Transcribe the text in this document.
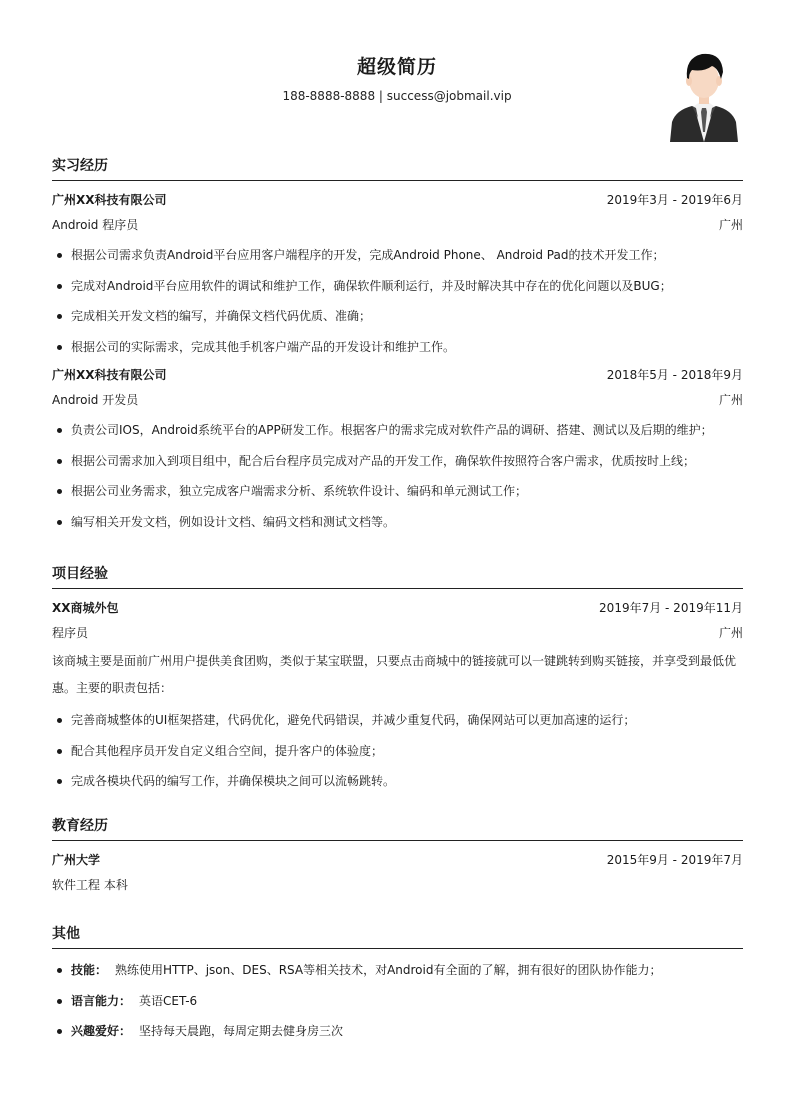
超级简历
188-8888-8888 | success@jobmail.vip
实习经历
广州XX科技有限公司	2019年3月 - 2019年6月
Android 程序员	广州
根据公司需求负责Android平台应用客户端程序的开发，完成Android Phone、 Android Pad的技术开发工作；
完成对Android平台应用软件的调试和维护工作，确保软件顺利运行，并及时解决其中存在的优化问题以及BUG；
完成相关开发文档的编写，并确保文档代码优质、准确；
根据公司的实际需求，完成其他手机客户端产品的开发设计和维护工作。
广州XX科技有限公司	2018年5月 - 2018年9月
Android 开发员	广州
负责公司IOS，Android系统平台的APP研发工作。根据客户的需求完成对软件产品的调研、搭建、测试以及后期的维护；
根据公司需求加入到项目组中，配合后台程序员完成对产品的开发工作，确保软件按照符合客户需求，优质按时上线；
根据公司业务需求，独立完成客户端需求分析、系统软件设计、编码和单元测试工作；
编写相关开发文档，例如设计文档、编码文档和测试文档等。
项目经验
XX商城外包	2019年7月 - 2019年11月
程序员	广州
该商城主要是面前广州用户提供美食团购，类似于某宝联盟，只要点击商城中的链接就可以一键跳转到购买链接，并享受到最低优惠。主要的职责包括：
完善商城整体的UI框架搭建，代码优化，避免代码错误，并减少重复代码，确保网站可以更加高速的运行；
配合其他程序员开发自定义组合空间，提升客户的体验度；
完成各模块代码的编写工作，并确保模块之间可以流畅跳转。
教育经历
广州大学	2015年9月 - 2019年7月
软件工程 本科
其他
技能： 熟练使用HTTP、json、DES、RSA等相关技术，对Android有全面的了解，拥有很好的团队协作能力；
语言能力： 英语CET-6
兴趣爱好： 坚持每天晨跑，每周定期去健身房三次
